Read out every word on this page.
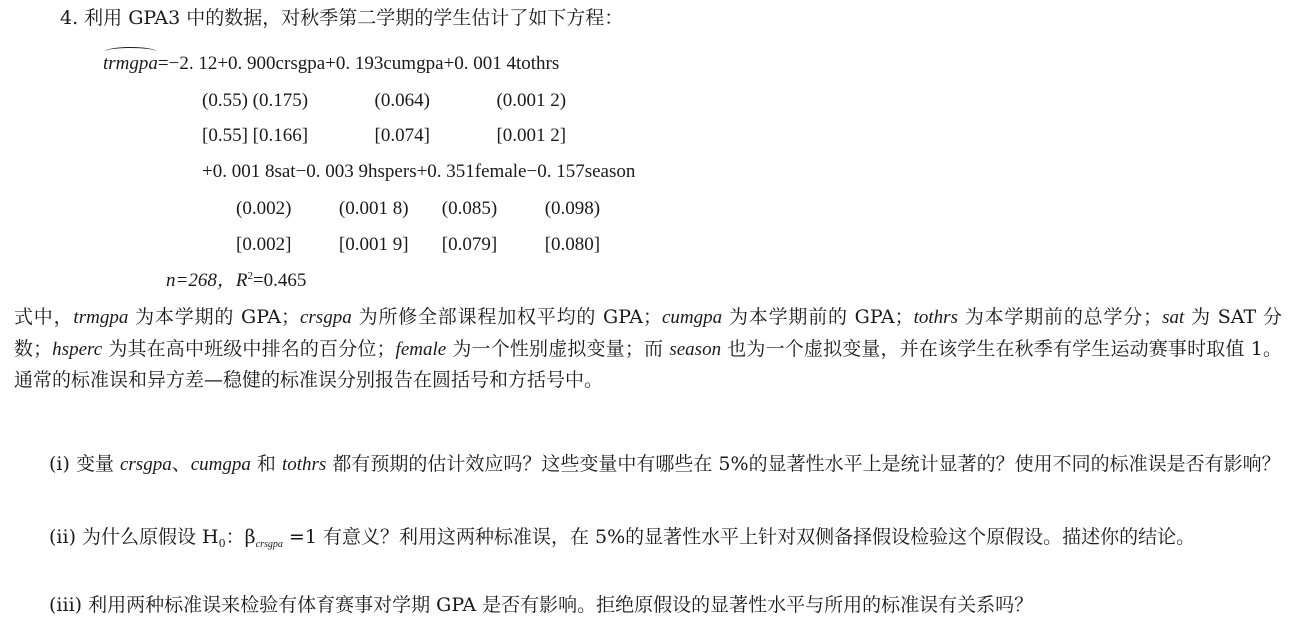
4. 利用 GPA3 中的数据，对秋季第二学期的学生估计了如下方程：
trmgpa=−2. 12+0. 900crsgpa+0. 193cumgpa+0. 001 4tothrs
(0.55) (0.175)              (0.064)              (0.001 2)
[0.55] [0.166]              [0.074]              [0.001 2]
+0. 001 8sat−0. 003 9hspers+0. 351female−0. 157season
(0.002)          (0.001 8)       (0.085)          (0.098)
[0.002]          [0.001 9]       [0.079]          [0.080]
n=268，$R^2=0.465$
式中，trmgpa 为本学期的 GPA；crsgpa 为所修全部课程加权平均的 GPA；cumgpa 为本学期前的 GPA；tothrs 为本学期前的总学分；sat 为 SAT 分数；hsperc 为其在高中班级中排名的百分位；female 为一个性别虚拟变量；而 season 也为一个虚拟变量，并在该学生在秋季有学生运动赛事时取值 1。通常的标准误和异方差—稳健的标准误分别报告在圆括号和方括号中。
(i) 变量 crsgpa、cumgpa 和 tothrs 都有预期的估计效应吗？这些变量中有哪些在 5%的显著性水平上是统计显著的？使用不同的标准误是否有影响？
(ii) 为什么原假设 $H_0$：$\beta_{crsgpa} =1$ 有意义？利用这两种标准误，在 5%的显著性水平上针对双侧备择假设检验这个原假设。描述你的结论。
(iii) 利用两种标准误来检验有体育赛事对学期 GPA 是否有影响。拒绝原假设的显著性水平与所用的标准误有关系吗？
